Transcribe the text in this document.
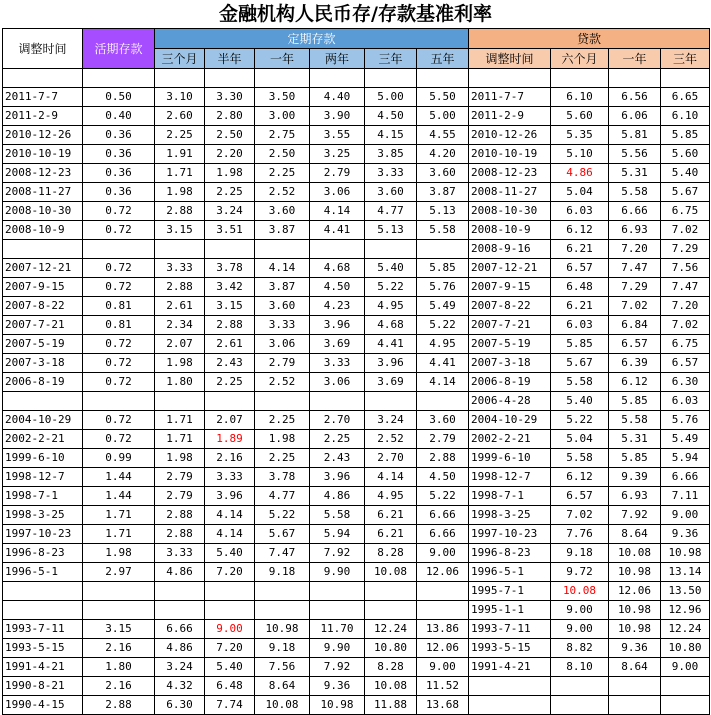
金融机构人民币存/存款基准利率
调整时间	活期存款	定期存款						贷款			
		三个月	半年	一年	两年	三年	五年	调整时间	六个月	一年	三年

2011-7-7	0.50	3.10	3.30	3.50	4.40	5.00	5.50	2011-7-7	6.10	6.56	6.65
2011-2-9	0.40	2.60	2.80	3.00	3.90	4.50	5.00	2011-2-9	5.60	6.06	6.10
2010-12-26	0.36	2.25	2.50	2.75	3.55	4.15	4.55	2010-12-26	5.35	5.81	5.85
2010-10-19	0.36	1.91	2.20	2.50	3.25	3.85	4.20	2010-10-19	5.10	5.56	5.60
2008-12-23	0.36	1.71	1.98	2.25	2.79	3.33	3.60	2008-12-23	4.86	5.31	5.40
2008-11-27	0.36	1.98	2.25	2.52	3.06	3.60	3.87	2008-11-27	5.04	5.58	5.67
2008-10-30	0.72	2.88	3.24	3.60	4.14	4.77	5.13	2008-10-30	6.03	6.66	6.75
2008-10-9	0.72	3.15	3.51	3.87	4.41	5.13	5.58	2008-10-9	6.12	6.93	7.02
								2008-9-16	6.21	7.20	7.29
2007-12-21	0.72	3.33	3.78	4.14	4.68	5.40	5.85	2007-12-21	6.57	7.47	7.56
2007-9-15	0.72	2.88	3.42	3.87	4.50	5.22	5.76	2007-9-15	6.48	7.29	7.47
2007-8-22	0.81	2.61	3.15	3.60	4.23	4.95	5.49	2007-8-22	6.21	7.02	7.20
2007-7-21	0.81	2.34	2.88	3.33	3.96	4.68	5.22	2007-7-21	6.03	6.84	7.02
2007-5-19	0.72	2.07	2.61	3.06	3.69	4.41	4.95	2007-5-19	5.85	6.57	6.75
2007-3-18	0.72	1.98	2.43	2.79	3.33	3.96	4.41	2007-3-18	5.67	6.39	6.57
2006-8-19	0.72	1.80	2.25	2.52	3.06	3.69	4.14	2006-8-19	5.58	6.12	6.30
								2006-4-28	5.40	5.85	6.03
2004-10-29	0.72	1.71	2.07	2.25	2.70	3.24	3.60	2004-10-29	5.22	5.58	5.76
2002-2-21	0.72	1.71	1.89	1.98	2.25	2.52	2.79	2002-2-21	5.04	5.31	5.49
1999-6-10	0.99	1.98	2.16	2.25	2.43	2.70	2.88	1999-6-10	5.58	5.85	5.94
1998-12-7	1.44	2.79	3.33	3.78	3.96	4.14	4.50	1998-12-7	6.12	9.39	6.66
1998-7-1	1.44	2.79	3.96	4.77	4.86	4.95	5.22	1998-7-1	6.57	6.93	7.11
1998-3-25	1.71	2.88	4.14	5.22	5.58	6.21	6.66	1998-3-25	7.02	7.92	9.00
1997-10-23	1.71	2.88	4.14	5.67	5.94	6.21	6.66	1997-10-23	7.76	8.64	9.36
1996-8-23	1.98	3.33	5.40	7.47	7.92	8.28	9.00	1996-8-23	9.18	10.08	10.98
1996-5-1	2.97	4.86	7.20	9.18	9.90	10.08	12.06	1996-5-1	9.72	10.98	13.14
								1995-7-1	10.08	12.06	13.50
								1995-1-1	9.00	10.98	12.96
1993-7-11	3.15	6.66	9.00	10.98	11.70	12.24	13.86	1993-7-11	9.00	10.98	12.24
1993-5-15	2.16	4.86	7.20	9.18	9.90	10.80	12.06	1993-5-15	8.82	9.36	10.80
1991-4-21	1.80	3.24	5.40	7.56	7.92	8.28	9.00	1991-4-21	8.10	8.64	9.00
1990-8-21	2.16	4.32	6.48	8.64	9.36	10.08	11.52				
1990-4-15	2.88	6.30	7.74	10.08	10.98	11.88	13.68				
